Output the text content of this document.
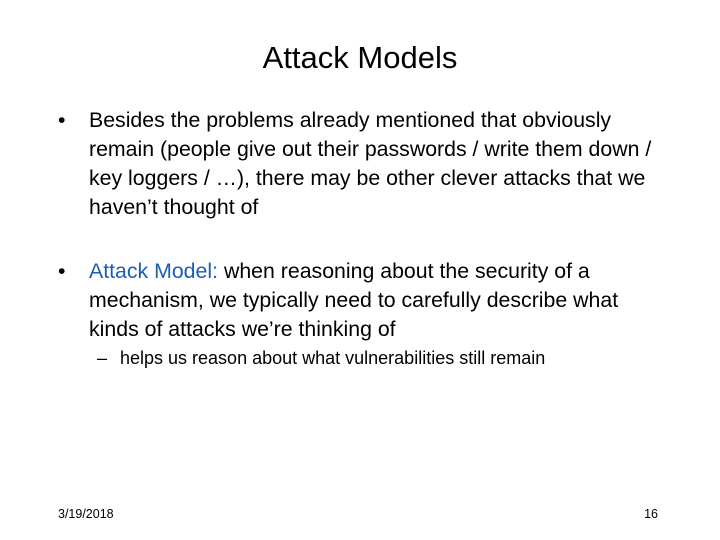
Attack Models
• Besides the problems already mentioned that obviously remain (people give out their passwords / write them down / key loggers / …), there may be other clever attacks that we haven’t thought of
• Attack Model: when reasoning about the security of a mechanism, we typically need to carefully describe what kinds of attacks we’re thinking of
– helps us reason about what vulnerabilities still remain
3/19/2018	16
